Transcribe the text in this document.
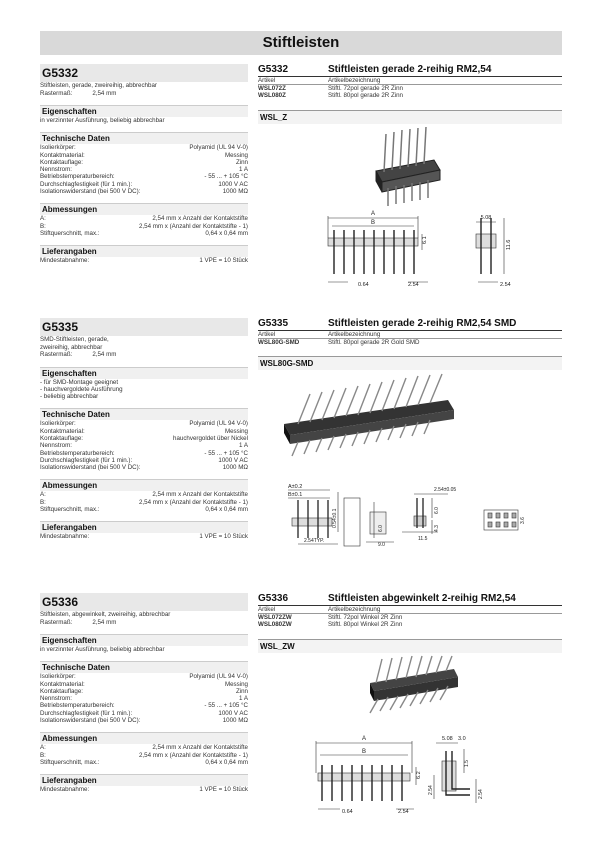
Stiftleisten
G5332
Stiftleisten, gerade, zweireihig, abbrechbar
Rastermaß:	2,54 mm
Eigenschaften
in verzinnter Ausführung, beliebig abbrechbar
Technische Daten
Isolierkörper:	Polyamid (UL 94 V-0)
Kontaktmaterial:	Messing
Kontaktauflage:	Zinn
Nennstrom:	1 A
Betriebstemperaturbereich:	- 55 ... + 105 °C
Durchschlagfestigkeit (für 1 min.):	1000 V AC
Isolationswiderstand (bei 500 V DC):	1000 MΩ
Abmessungen
A:	2,54 mm x Anzahl der Kontaktstifte
B:	2,54 mm x (Anzahl der Kontaktstifte - 1)
Stiftquerschnitt, max.:	0,64 x 0,64 mm
Lieferangaben
Mindestabnahme:	1 VPE = 10 Stück
G5332	Stiftleisten gerade 2-reihig RM2,54
Artikel	Artikelbezeichnung
WSL072Z	Stiftl. 72pol gerade 2R Zinn
WSL080Z	Stiftl. 80pol gerade 2R Zinn
WSL_Z
A
B
6.1
0.64	2.54
5.08
11.6
2.54
G5335
SMD-Stiftleisten, gerade,
zweireihig, abbrechbar
Rastermaß:	2,54 mm
Eigenschaften
- für SMD-Montage geeignet
- hauchvergoldete Ausführung
- beliebig abbrechbar
Technische Daten
Isolierkörper:	Polyamid (UL 94 V-0)
Kontaktmaterial:	Messing
Kontaktauflage:	hauchvergoldet über Nickel
Nennstrom:	1 A
Betriebstemperaturbereich:	- 55 ... + 105 °C
Durchschlagfestigkeit (für 1 min.):	1000 V AC
Isolationswiderstand (bei 500 V DC):	1000 MΩ
Abmessungen
A:	2,54 mm x Anzahl der Kontaktstifte
B:	2,54 mm x (Anzahl der Kontaktstifte - 1)
Stiftquerschnitt, max.:	0,64 x 0,64 mm
Lieferangaben
Mindestabnahme:	1 VPE = 10 Stück
G5335	Stiftleisten gerade 2-reihig RM2,54 SMD
Artikel	Artikelbezeichnung
WSL80G-SMD	Stiftl. 80pol gerade 2R Gold SMD
WSL80G-SMD
A±0.2
B±0.1
0.54±0.1
2.54TYP.
6.0
9.0
2.54±0.05
6.0
4.3
11.5
3.6
G5336
Stiftleisten, abgewinkelt, zweireihig, abbrechbar
Rastermaß:	2,54 mm
Eigenschaften
in verzinnter Ausführung, beliebig abbrechbar
Technische Daten
Isolierkörper:	Polyamid (UL 94 V-0)
Kontaktmaterial:	Messing
Kontaktauflage:	Zinn
Nennstrom:	1 A
Betriebstemperaturbereich:	- 55 ... + 105 °C
Durchschlagfestigkeit (für 1 min.):	1000 V AC
Isolationswiderstand (bei 500 V DC):	1000 MΩ
Abmessungen
A:	2,54 mm x Anzahl der Kontaktstifte
B:	2,54 mm x (Anzahl der Kontaktstifte - 1)
Stiftquerschnitt, max.:	0,64 x 0,64 mm
Lieferangaben
Mindestabnahme:	1 VPE = 10 Stück
G5336	Stiftleisten abgewinkelt 2-reihig RM2,54
Artikel	Artikelbezeichnung
WSL072ZW	Stiftl. 72pol Winkel 2R Zinn
WSL080ZW	Stiftl. 80pol Winkel 2R Zinn
WSL_ZW
A
B
6.2
0.64	2.54
5.08 3.0
2.54
1.5
2.54
